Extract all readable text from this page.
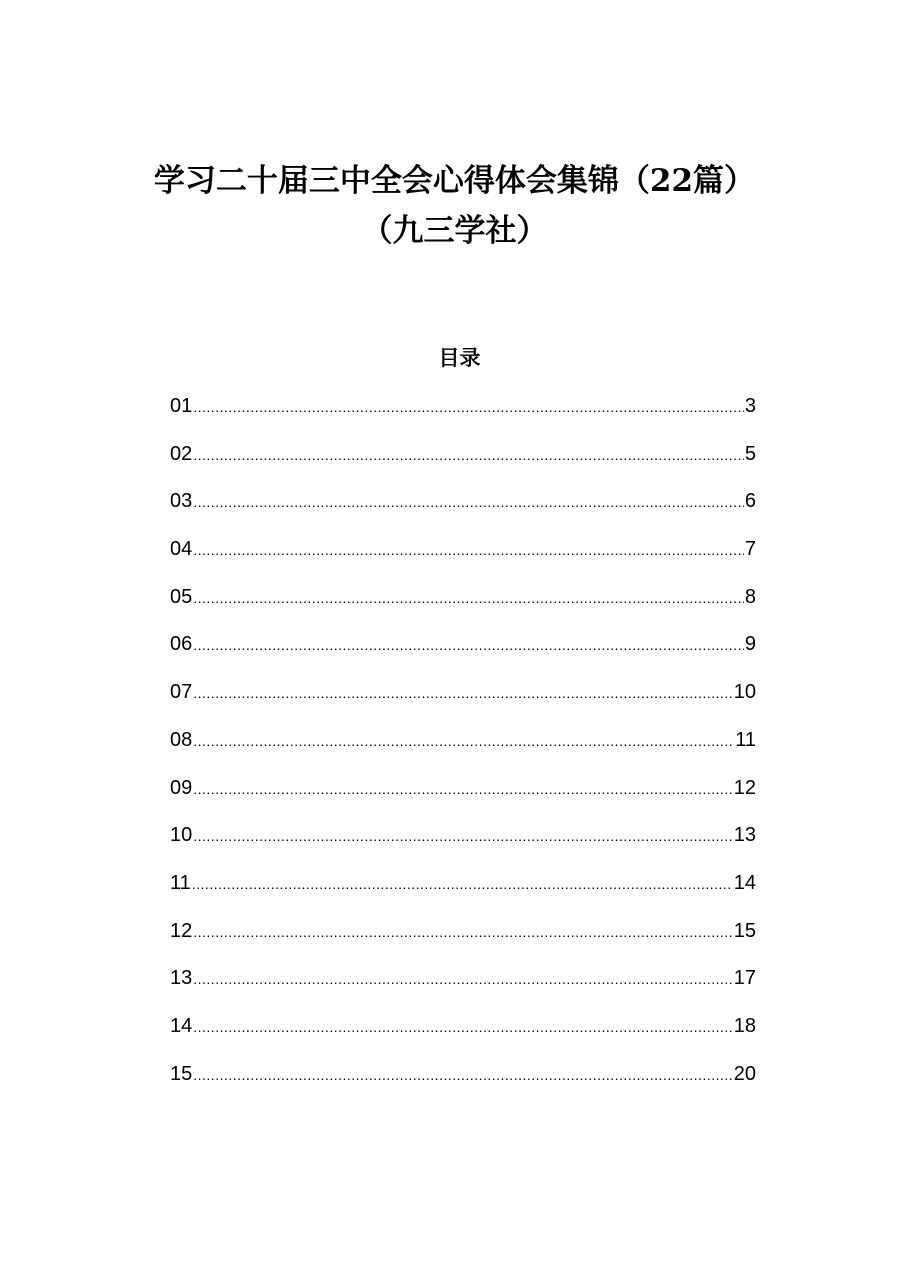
学习二十届三中全会心得体会集锦（22篇）
（九三学社）
目录
01 .....	3
02 .....	5
03 .....	6
04 .....	7
05 .....	8
06 .....	9
07 .....	10
08 .....	11
09 .....	12
10 .....	13
11 .....	14
12 .....	15
13 .....	17
14 .....	18
15 .....	20
